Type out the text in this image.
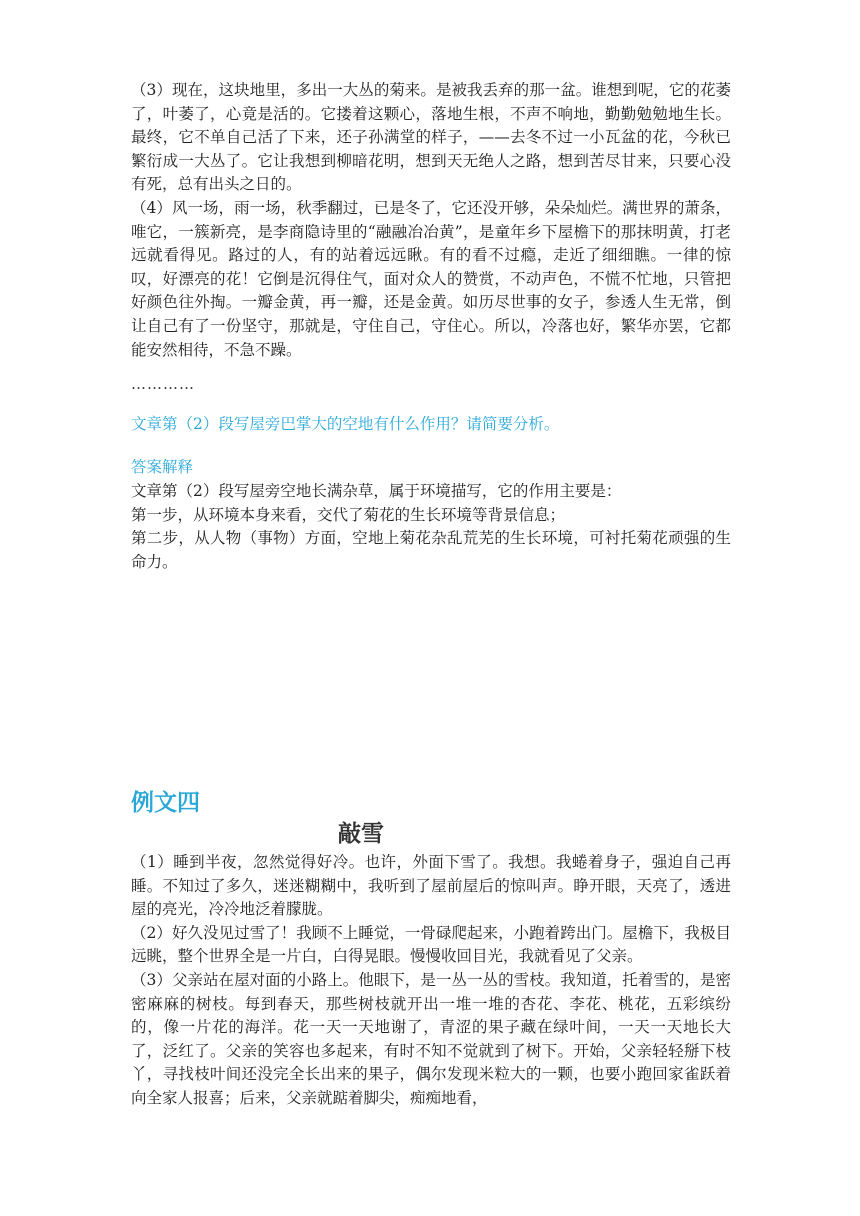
（3）现在，这块地里，多出一大丛的菊来。是被我丢弃的那一盆。谁想到呢，它的花萎了，叶萎了，心竟是活的。它搂着这颗心，落地生根，不声不响地，勤勤勉勉地生长。最终，它不单自己活了下来，还子孙满堂的样子，——去冬不过一小瓦盆的花，今秋已繁衍成一大丛了。它让我想到柳暗花明，想到天无绝人之路，想到苦尽甘来，只要心没有死，总有出头之日的。

（4）风一场，雨一场，秋季翻过，已是冬了，它还没开够，朵朵灿烂。满世界的萧条，唯它，一簇新亮，是李商隐诗里的“融融冶冶黄”，是童年乡下屋檐下的那抹明黄，打老远就看得见。路过的人，有的站着远远瞅。有的看不过瘾，走近了细细瞧。一律的惊叹，好漂亮的花！它倒是沉得住气，面对众人的赞赏，不动声色，不慌不忙地，只管把好颜色往外掏。一瓣金黄，再一瓣，还是金黄。如历尽世事的女子，参透人生无常，倒让自己有了一份坚守，那就是，守住自己，守住心。所以，冷落也好，繁华亦罢，它都能安然相待，不急不躁。

…………
文章第（2）段写屋旁巴掌大的空地有什么作用？请简要分析。
答案解释

文章第（2）段写屋旁空地长满杂草，属于环境描写，它的作用主要是：

第一步，从环境本身来看，交代了菊花的生长环境等背景信息；

第二步，从人物（事物）方面，空地上菊花杂乱荒芜的生长环境，可衬托菊花顽强的生命力。

例文四
敲雪

（1）睡到半夜，忽然觉得好冷。也许，外面下雪了。我想。我蜷着身子，强迫自己再睡。不知过了多久，迷迷糊糊中，我听到了屋前屋后的惊叫声。睁开眼，天亮了，透进屋的亮光，冷冷地泛着朦胧。

（2）好久没见过雪了！我顾不上睡觉，一骨碌爬起来，小跑着跨出门。屋檐下，我极目远眺，整个世界全是一片白，白得晃眼。慢慢收回目光，我就看见了父亲。

（3）父亲站在屋对面的小路上。他眼下，是一丛一丛的雪枝。我知道，托着雪的，是密密麻麻的树枝。每到春天，那些树枝就开出一堆一堆的杏花、李花、桃花，五彩缤纷的，像一片花的海洋。花一天一天地谢了，青涩的果子藏在绿叶间，一天一天地长大了，泛红了。父亲的笑容也多起来，有时不知不觉就到了树下。开始，父亲轻轻掰下枝丫，寻找枝叶间还没完全长出来的果子，偶尔发现米粒大的一颗，也要小跑回家雀跃着向全家人报喜；后来，父亲就踮着脚尖，痴痴地看，
